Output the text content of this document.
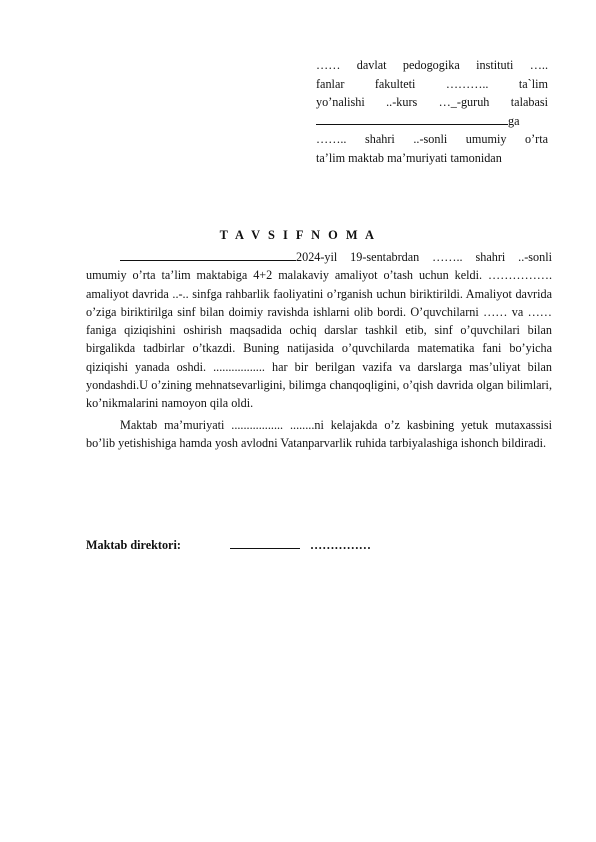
…… davlat pedogogika instituti …..
fanlar fakulteti ……….. ta`lim
yo’nalishi ..-kurs …_-guruh talabasi
ga
…….. shahri ..-sonli umumiy o’rta
ta’lim maktab ma’muriyati tamonidan
T A V S I F N O M A

2024-yil 19-sentabrdan …….. shahri ..-sonli umumiy o’rta ta’lim maktabiga 4+2 malakaviy amaliyot o’tash uchun keldi. ……………. amaliyot davrida ..-.. sinfga rahbarlik faoliyatini o’rganish uchun biriktirildi. Amaliyot davrida o’ziga biriktirilga sinf bilan doimiy ravishda ishlarni olib bordi. O’quvchilarni …… va …… faniga qiziqishini oshirish maqsadida ochiq darslar tashkil etib, sinf o’quvchilari bilan birgalikda tadbirlar o’tkazdi. Buning natijasida o’quvchilarda matematika fani bo’yicha qiziqishi yanada oshdi. ................. har bir berilgan vazifa va darslarga mas’uliyat bilan yondashdi.U o’zining mehnatsevarligini, bilimga chanqoqligini, o’qish davrida olgan bilimlari, ko’nikmalarini namoyon qila oldi.

Maktab ma’muriyati ................. ........ni kelajakda o’z kasbining yetuk mutaxassisi bo’lib yetishishiga hamda yosh avlodni Vatanparvarlik ruhida tarbiyalashiga ishonch bildiradi.

Maktab direktori:	……………
